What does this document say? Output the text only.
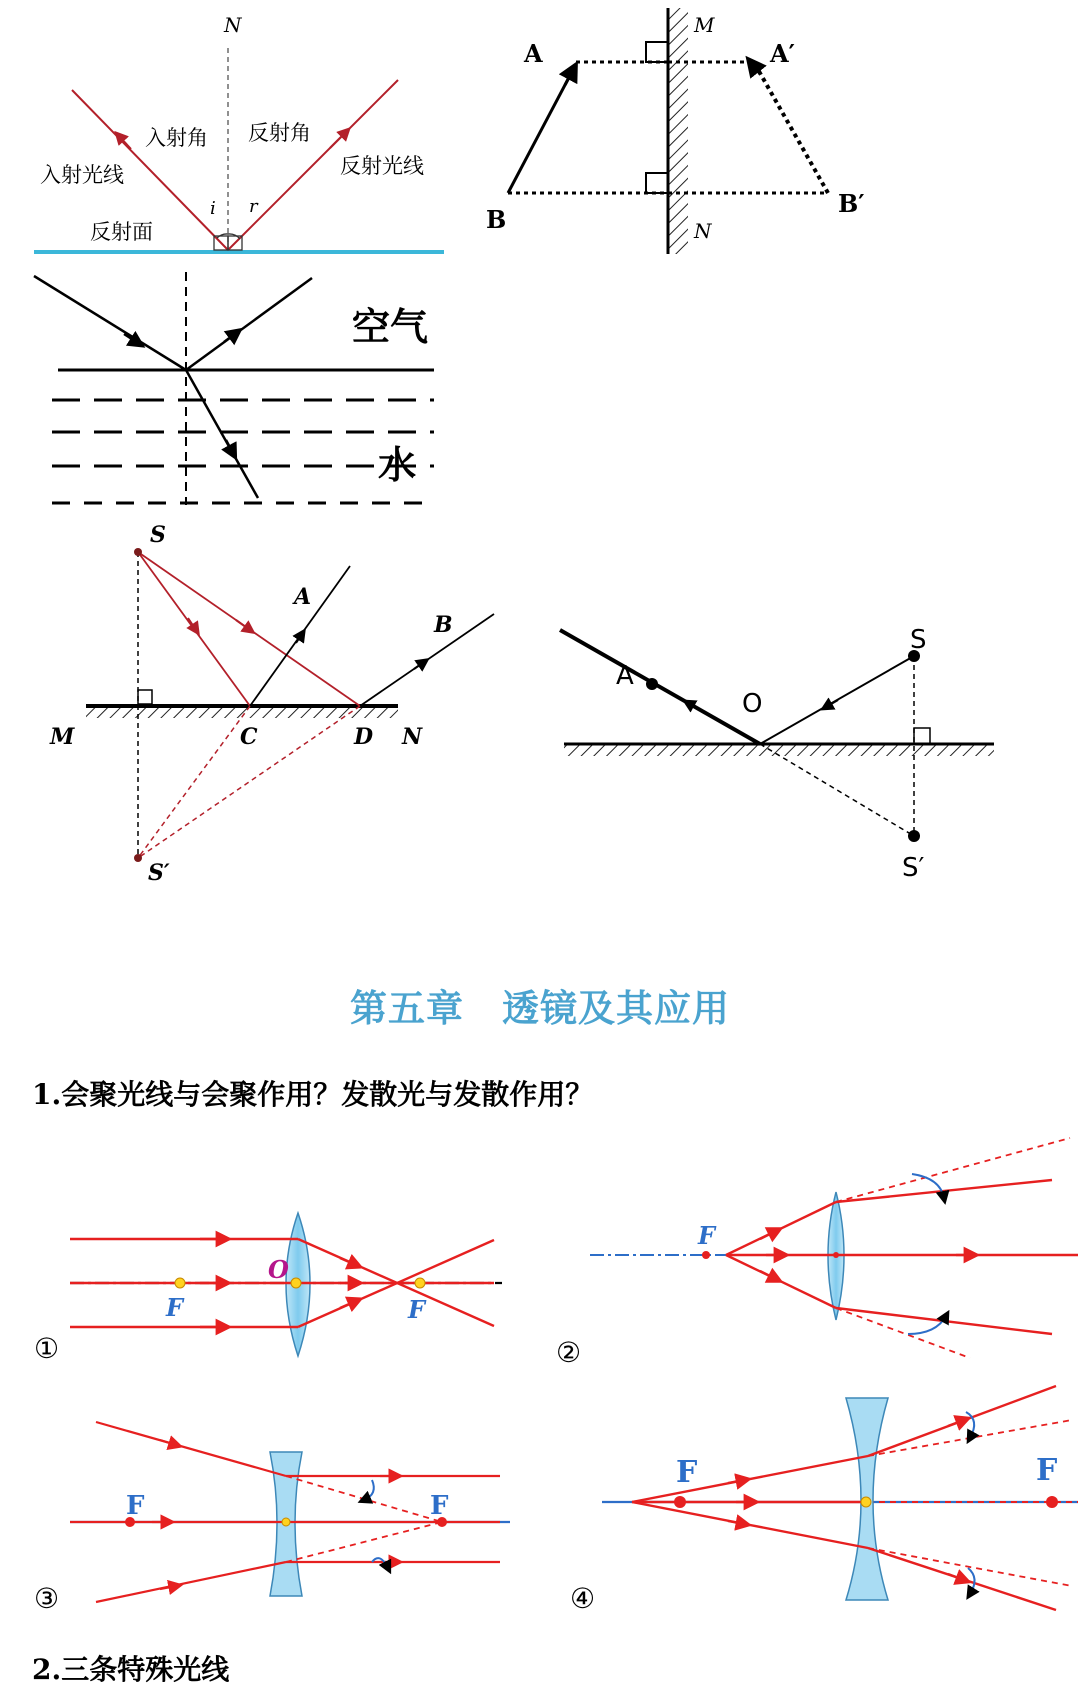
N
入射角 反射角
入射光线	反射光线
反射面
i r
A	A′
B
B′
M
N
空气
水
S
A
B
M	C	D N
S′
A
O
S
S′
①
F
O
F
②
F
③
F	F
④
F	F
第五章 透镜及其应用
1.会聚光线与会聚作用？发散光与发散作用？
2.三条特殊光线
